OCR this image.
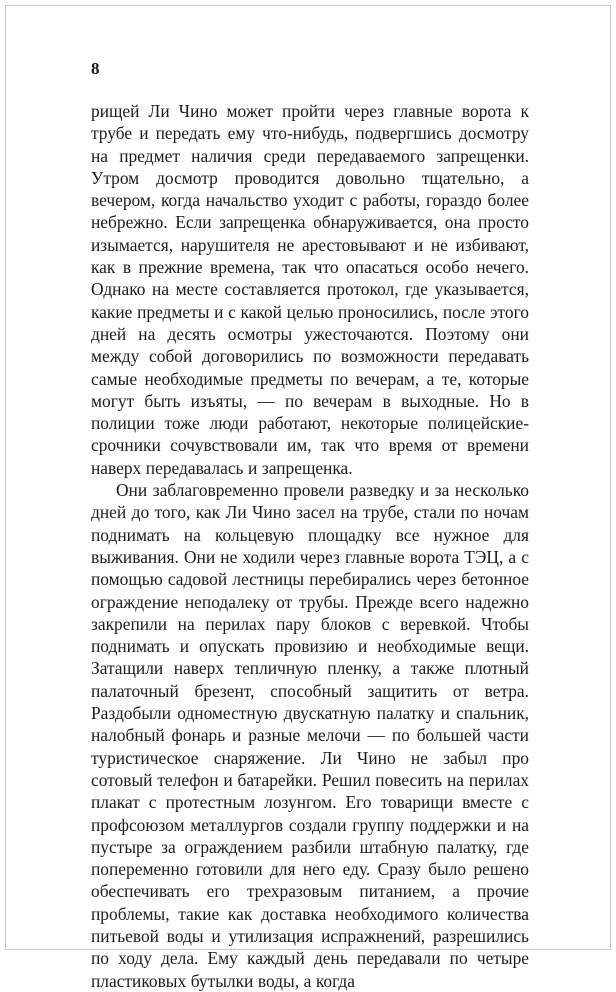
8

рищей Ли Чино может пройти через главные ворота к трубе и передать ему что-нибудь, подвергшись досмотру на предмет наличия среди передаваемого запрещенки. Утром досмотр проводится довольно тщательно, а вечером, когда начальство уходит с работы, гораздо более небрежно. Если запрещенка обнаруживается, она просто изымается, нарушителя не арестовывают и не избивают, как в прежние времена, так что опасаться особо нечего. Однако на месте составляется протокол, где указывается, какие предметы и с какой целью проносились, после этого дней на десять осмотры ужесточаются. Поэтому они между собой договорились по возможности передавать самые необходимые предметы по вечерам, а те, которые могут быть изъяты, — по вечерам в выходные. Но в полиции тоже люди работают, некоторые полицейские-срочники сочувствовали им, так что время от времени наверх передавалась и запрещенка.

Они заблаговременно провели разведку и за несколько дней до того, как Ли Чино засел на трубе, стали по ночам поднимать на кольцевую площадку все нужное для выживания. Они не ходили через главные ворота ТЭЦ, а с помощью садовой лестницы перебирались через бетонное ограждение неподалеку от трубы. Прежде всего надежно закрепили на перилах пару блоков с веревкой. Чтобы поднимать и опускать провизию и необходимые вещи. Затащили наверх тепличную пленку, а также плотный палаточный брезент, способный защитить от ветра. Раздобыли одноместную двускатную палатку и спальник, налобный фонарь и разные мелочи — по большей части туристическое снаряжение. Ли Чино не забыл про сотовый телефон и батарейки. Решил повесить на перилах плакат с протестным лозунгом. Его товарищи вместе с профсоюзом металлургов создали группу поддержки и на пустыре за ограждением разбили штабную палатку, где попеременно готовили для него еду. Сразу было решено обеспечивать его трехразовым питанием, а прочие проблемы, такие как доставка необходимого количества питьевой воды и утилизация испражнений, разрешились по ходу дела. Ему каждый день передавали по четыре пластиковых бутылки воды, а когда
